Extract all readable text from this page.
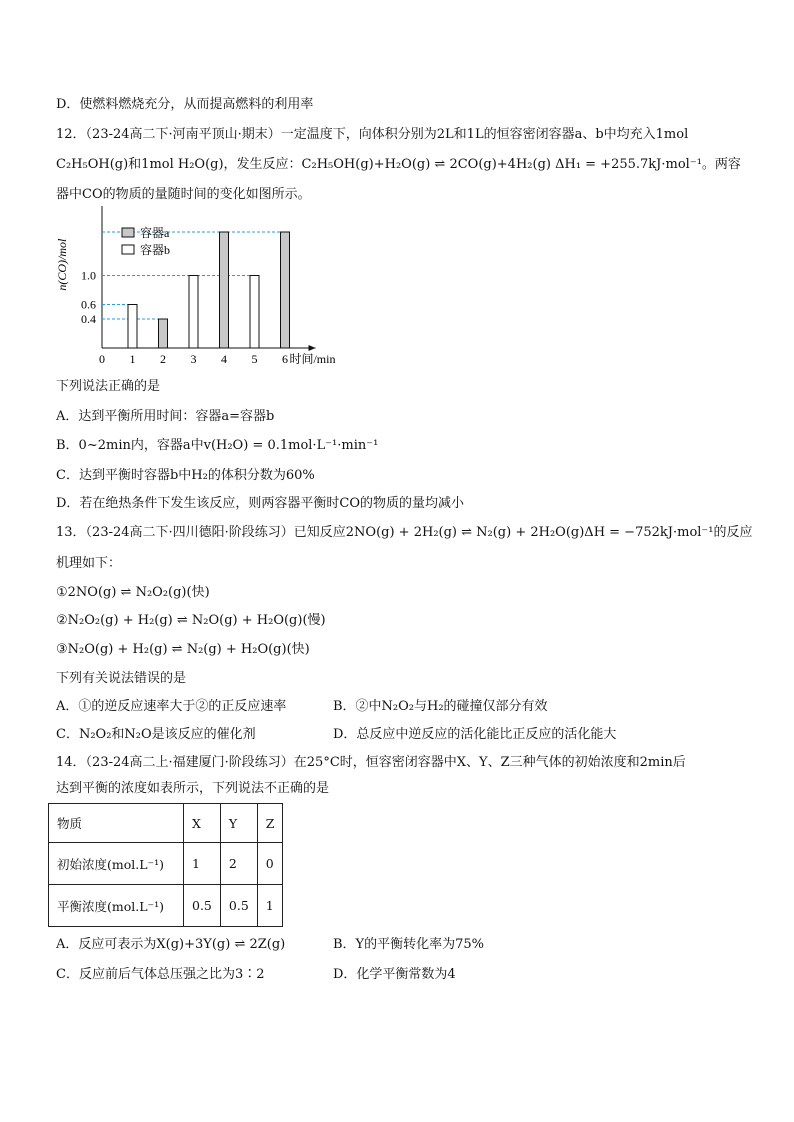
D．使燃料燃烧充分，从而提高燃料的利用率
12．（23-24高二下·河南平顶山·期末）一定温度下，向体积分别为2L和1L的恒容密闭容器a、b中均充入1mol
C₂H₅OH(g)和1mol H₂O(g)，发生反应：C₂H₅OH(g)+H₂O(g) ⇌ 2CO(g)+4H₂(g) ΔH₁ = +255.7kJ·mol⁻¹。两容
器中CO的物质的量随时间的变化如图所示。
0 1 2 3 4 5 6
0.4
0.6
1.0
时间/min
n(CO)/mol
容器a
容器b
下列说法正确的是
A．达到平衡所用时间：容器a=容器b
B．0~2min内，容器a中v(H₂O) = 0.1mol·L⁻¹·min⁻¹
C．达到平衡时容器b中H₂的体积分数为60%
D．若在绝热条件下发生该反应，则两容器平衡时CO的物质的量均减小
13．（23-24高二下·四川德阳·阶段练习）已知反应2NO(g) + 2H₂(g) ⇌ N₂(g) + 2H₂O(g)ΔH = −752kJ·mol⁻¹的反应
机理如下：
①2NO(g) ⇌ N₂O₂(g)(快)
②N₂O₂(g) + H₂(g) ⇌ N₂O(g) + H₂O(g)(慢)
③N₂O(g) + H₂(g) ⇌ N₂(g) + H₂O(g)(快)
下列有关说法错误的是
A．①的逆反应速率大于②的正反应速率	B．②中N₂O₂与H₂的碰撞仅部分有效
C．N₂O₂和N₂O是该反应的催化剂	D．总反应中逆反应的活化能比正反应的活化能大
14．（23-24高二上·福建厦门·阶段练习）在25°C时，恒容密闭容器中X、Y、Z三种气体的初始浓度和2min后
达到平衡的浓度如表所示，下列说法不正确的是
物质	X	Y	Z
初始浓度(mol.L⁻¹)	1	2	0
平衡浓度(mol.L⁻¹)	0.5	0.5	1
A．反应可表示为X(g)+3Y(g) ⇌ 2Z(g)	B．Y的平衡转化率为75%
C．反应前后气体总压强之比为3∶2	D．化学平衡常数为4
